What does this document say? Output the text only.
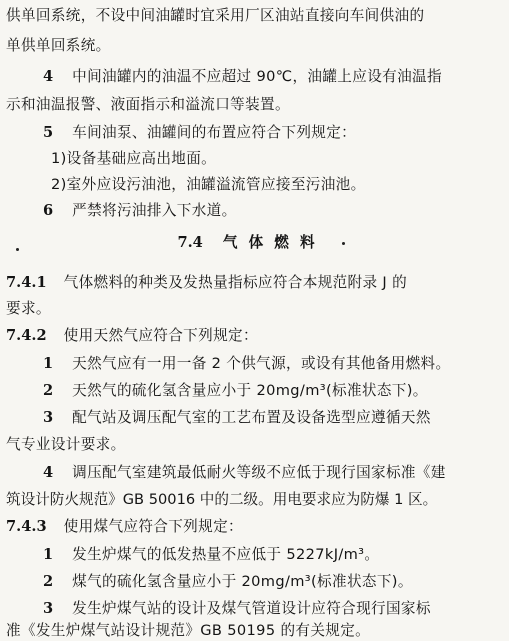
供单回系统，不设中间油罐时宜采用厂区油站直接向车间供油的
单供单回系统。
4 中间油罐内的油温不应超过 90℃，油罐上应设有油温指
示和油温报警、液面指示和溢流口等装置。
5 车间油泵、油罐间的布置应符合下列规定：
1)设备基础应高出地面。
2)室外应设污油池，油罐溢流管应接至污油池。
6 严禁将污油排入下水道。
7.4 气 体 燃 料
7.4.1 气体燃料的种类及发热量指标应符合本规范附录 J 的
要求。
7.4.2 使用天然气应符合下列规定：
1 天然气应有一用一备 2 个供气源，或设有其他备用燃料。
2 天然气的硫化氢含量应小于 20mg/m³(标准状态下)。
3 配气站及调压配气室的工艺布置及设备选型应遵循天然
气专业设计要求。
4 调压配气室建筑最低耐火等级不应低于现行国家标准《建
筑设计防火规范》GB 50016 中的二级。用电要求应为防爆 1 区。
7.4.3 使用煤气应符合下列规定：
1 发生炉煤气的低发热量不应低于 5227kJ/m³。
2 煤气的硫化氢含量应小于 20mg/m³(标准状态下)。
3 发生炉煤气站的设计及煤气管道设计应符合现行国家标
准《发生炉煤气站设计规范》GB 50195 的有关规定。
